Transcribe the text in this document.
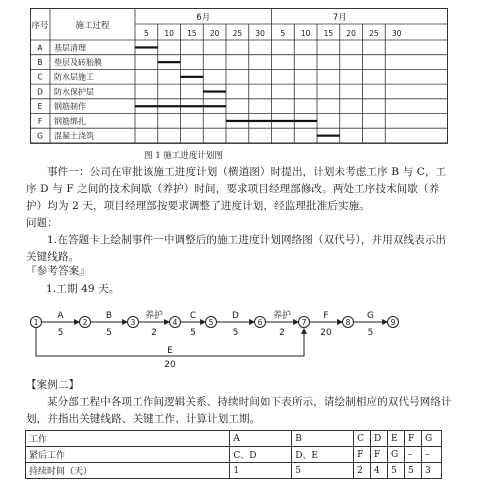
序号	施工过程
6月	7月
5 10 15 20 25 30 5 10 15 20 25 30
A 基层清理
B 垫层及砖胎膜
C 防水层施工
D 防水保护层
E 钢筋制作
F 钢筋绑扎
G 混凝土浇筑
图 1 施工进度计划图
事件一：公司在审批该施工进度计划（横道图）时提出，计划未考虑工序 B 与 C，工序 D 与 F 之间的技术间歇（养护）时间，要求项目经理部修改。两处工序技术间歇（养护）均为 2 天，项目经理部按要求调整了进度计划，经监理批准后实施。
问题：
1.在答题卡上绘制事件一中调整后的施工进度计划网络图（双代号），并用双线表示出关键线路。
『参考答案』
1.工期 49 天。
A
5
B
5
养护
2
C
5
D
5
养护
2
F
20
G
5
E
20
1	2	3	4	5	6	7	8	9
【案例二】
某分部工程中各项工作间逻辑关系、持续时间如下表所示，请绘制相应的双代号网络计划，并指出关键线路、关键工作、计算计划工期。
工作	A	B	C	D	E	F	G
紧后工作	C、D	D、E	F	F	G	–	–
持续时间（天）	1	5	2	4	5	5	3
